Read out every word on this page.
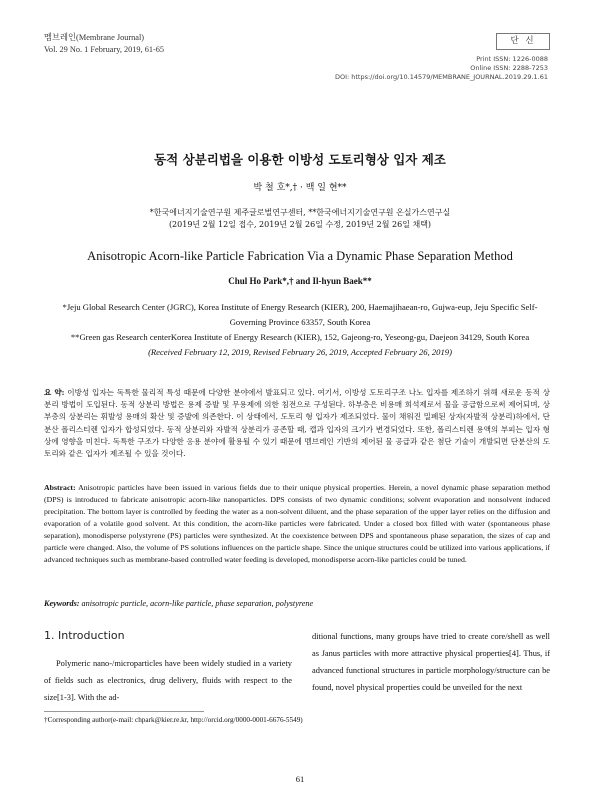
멤브레인(Membrane Journal)
Vol. 29 No. 1 February, 2019, 61-65
단 신
Print ISSN: 1226-0088
Online ISSN: 2288-7253
DOI: https://doi.org/10.14579/MEMBRANE_JOURNAL.2019.29.1.61
동적 상분리법을 이용한 이방성 도토리형상 입자 제조
박 철 호*,† · 백 일 현**
*한국에너지기술연구원 제주글로벌연구센터, **한국에너지기술연구원 온실가스연구실
(2019년 2월 12일 접수, 2019년 2월 26일 수정, 2019년 2월 26일 채택)
Anisotropic Acorn-like Particle Fabrication Via a Dynamic Phase Separation Method
Chul Ho Park*,† and Il-hyun Baek**

*Jeju Global Research Center (JGRC), Korea Institute of Energy Research (KIER), 200, Haemajihaean-ro, Gujwa-eup, Jeju Specific Self-Governing Province 63357, South Korea

**Green gas Research centerKorea Institute of Energy Research (KIER), 152, Gajeong-ro, Yeseong-gu, Daejeon 34129, South Korea

(Received February 12, 2019, Revised February 26, 2019, Accepted February 26, 2019)

요 약: 이방성 입자는 독특한 물리적 특성 때문에 다양한 분야에서 발표되고 있다. 여기서, 이방성 도토리구조 나노 입자를 제조하기 위해 새로운 동적 상분리 방법이 도입된다. 동적 상분리 방법은 용제 증발 및 무용제에 의한 침전으로 구성된다. 하부층은 비용매 희석제로서 물을 공급함으로써 제어되며, 상부층의 상분리는 휘발성 용매의 확산 및 증발에 의존한다. 이 상태에서, 도토리 형 입자가 제조되었다. 물이 채워진 밀폐된 상자(자발적 상분리)하에서, 단분산 폴리스티렌 입자가 합성되었다. 동적 상분리와 자발적 상분리가 공존할 때, 캡과 입자의 크기가 변경되었다. 또한, 폴리스티렌 용액의 부피는 입자 형상에 영향을 미친다. 독특한 구조가 다양한 응용 분야에 활용될 수 있기 때문에 멤브레인 기반의 제어된 물 공급과 같은 첨단 기술이 개발되면 단분산의 도토리와 같은 입자가 제조될 수 있을 것이다.
Abstract: Anisotropic particles have been issued in various fields due to their unique physical properties. Herein, a novel dynamic phase separation method (DPS) is introduced to fabricate anisotropic acorn-like nanoparticles. DPS consists of two dynamic conditions; solvent evaporation and nonsolvent induced precipitation. The bottom layer is controlled by feeding the water as a non-solvent diluent, and the phase separation of the upper layer relies on the diffusion and evaporation of a volatile good solvent. At this condition, the acorn-like particles were fabricated. Under a closed box filled with water (spontaneous phase separation), monodisperse polystyrene (PS) particles were synthesized. At the coexistence between DPS and spontaneous phase separation, the sizes of cap and particle were changed. Also, the volume of PS solutions influences on the particle shape. Since the unique structures could be utilized into various applications, if advanced techniques such as membrane-based controlled water feeding is developed, monodisperse acorn-like particles could be tuned.
Keywords: anisotropic particle, acorn-like particle, phase separation, polystyrene
1. Introduction
Polymeric nano-/microparticles have been widely studied in a variety of fields such as electronics, drug delivery, fluids with respect to the size[1-3]. With the ad-
ditional functions, many groups have tried to create core/shell as well as Janus particles with more attractive physical properties[4]. Thus, if advanced functional structures in particle morphology/structure can be found, novel physical properties could be unveiled for the next
†Corresponding author(e-mail: chpark@kier.re.kr, http://orcid.org/0000-0001-6676-5549)
61
